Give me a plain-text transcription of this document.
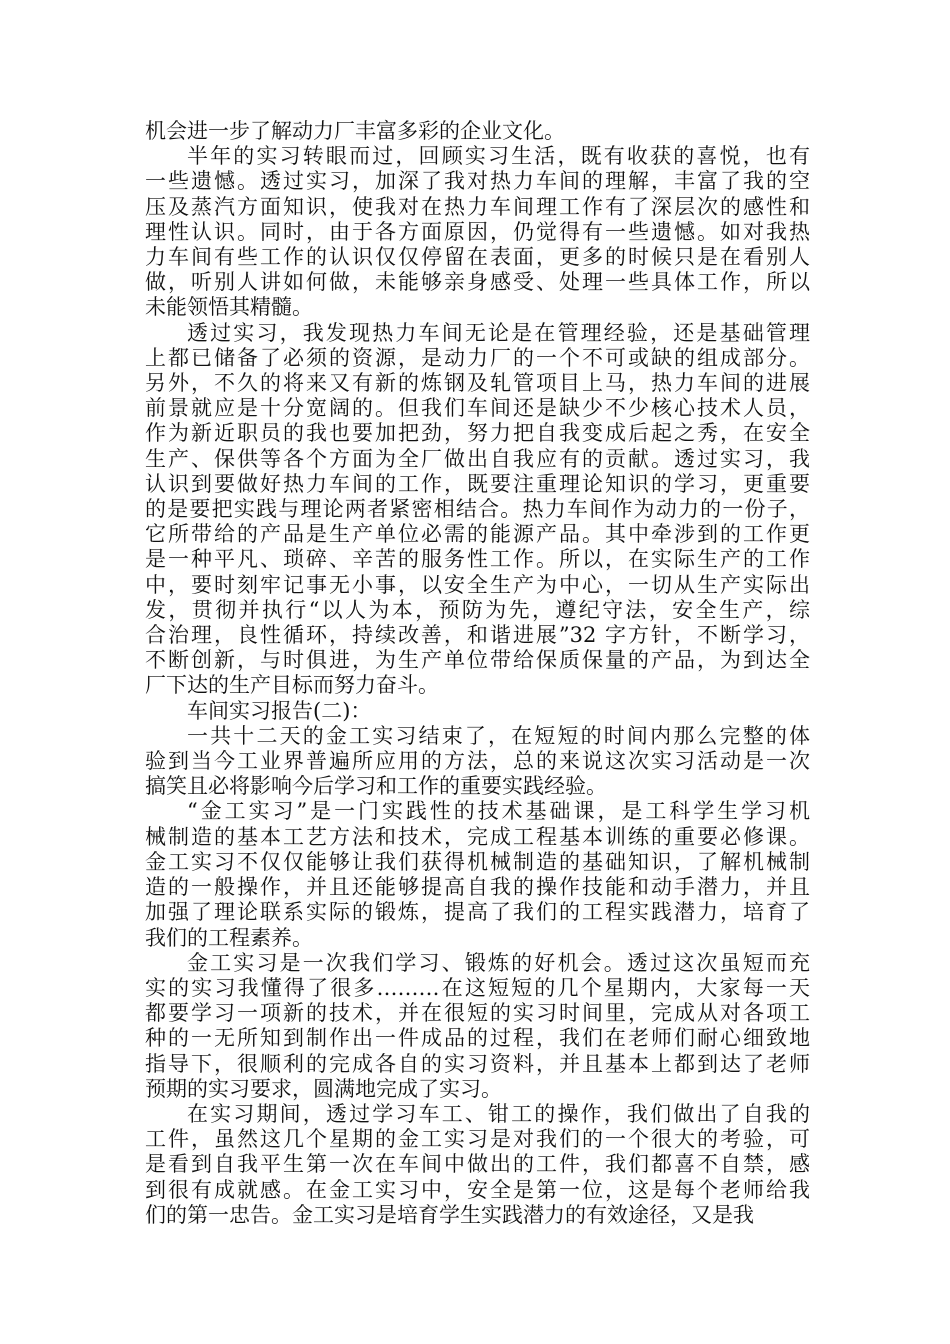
机会进一步了解动力厂丰富多彩的企业文化。
半年的实习转眼而过，回顾实习生活，既有收获的喜悦，也有
一些遗憾。透过实习，加深了我对热力车间的理解，丰富了我的空
压及蒸汽方面知识，使我对在热力车间理工作有了深层次的感性和
理性认识。同时，由于各方面原因，仍觉得有一些遗憾。如对我热
力车间有些工作的认识仅仅停留在表面，更多的时候只是在看别人
做，听别人讲如何做，未能够亲身感受、处理一些具体工作，所以
未能领悟其精髓。
透过实习，我发现热力车间无论是在管理经验，还是基础管理
上都已储备了必须的资源，是动力厂的一个不可或缺的组成部分。
另外，不久的将来又有新的炼钢及轧管项目上马，热力车间的进展
前景就应是十分宽阔的。但我们车间还是缺少不少核心技术人员，
作为新近职员的我也要加把劲，努力把自我变成后起之秀，在安全
生产、保供等各个方面为全厂做出自我应有的贡献。透过实习，我
认识到要做好热力车间的工作，既要注重理论知识的学习，更重要
的是要把实践与理论两者紧密相结合。热力车间作为动力的一份子，
它所带给的产品是生产单位必需的能源产品。其中牵涉到的工作更
是一种平凡、琐碎、辛苦的服务性工作。所以，在实际生产的工作
中，要时刻牢记事无小事，以安全生产为中心，一切从生产实际出
发，贯彻并执行“以人为本，预防为先，遵纪守法，安全生产，综
合治理，良性循环，持续改善，和谐进展”32 字方针，不断学习，
不断创新，与时俱进，为生产单位带给保质保量的产品，为到达全
厂下达的生产目标而努力奋斗。
车间实习报告(二)：
一共十二天的金工实习结束了，在短短的时间内那么完整的体
验到当今工业界普遍所应用的方法，总的来说这次实习活动是一次
搞笑且必将影响今后学习和工作的重要实践经验。
“金工实习”是一门实践性的技术基础课，是工科学生学习机
械制造的基本工艺方法和技术，完成工程基本训练的重要必修课。
金工实习不仅仅能够让我们获得机械制造的基础知识，了解机械制
造的一般操作，并且还能够提高自我的操作技能和动手潜力，并且
加强了理论联系实际的锻炼，提高了我们的工程实践潜力，培育了
我们的工程素养。
金工实习是一次我们学习、锻炼的好机会。透过这次虽短而充
实的实习我懂得了很多………在这短短的几个星期内，大家每一天
都要学习一项新的技术，并在很短的实习时间里，完成从对各项工
种的一无所知到制作出一件成品的过程，我们在老师们耐心细致地
指导下，很顺利的完成各自的实习资料，并且基本上都到达了老师
预期的实习要求，圆满地完成了实习。
在实习期间，透过学习车工、钳工的操作，我们做出了自我的
工件，虽然这几个星期的金工实习是对我们的一个很大的考验，可
是看到自我平生第一次在车间中做出的工件，我们都喜不自禁，感
到很有成就感。在金工实习中，安全是第一位，这是每个老师给我
们的第一忠告。金工实习是培育学生实践潜力的有效途径，又是我
